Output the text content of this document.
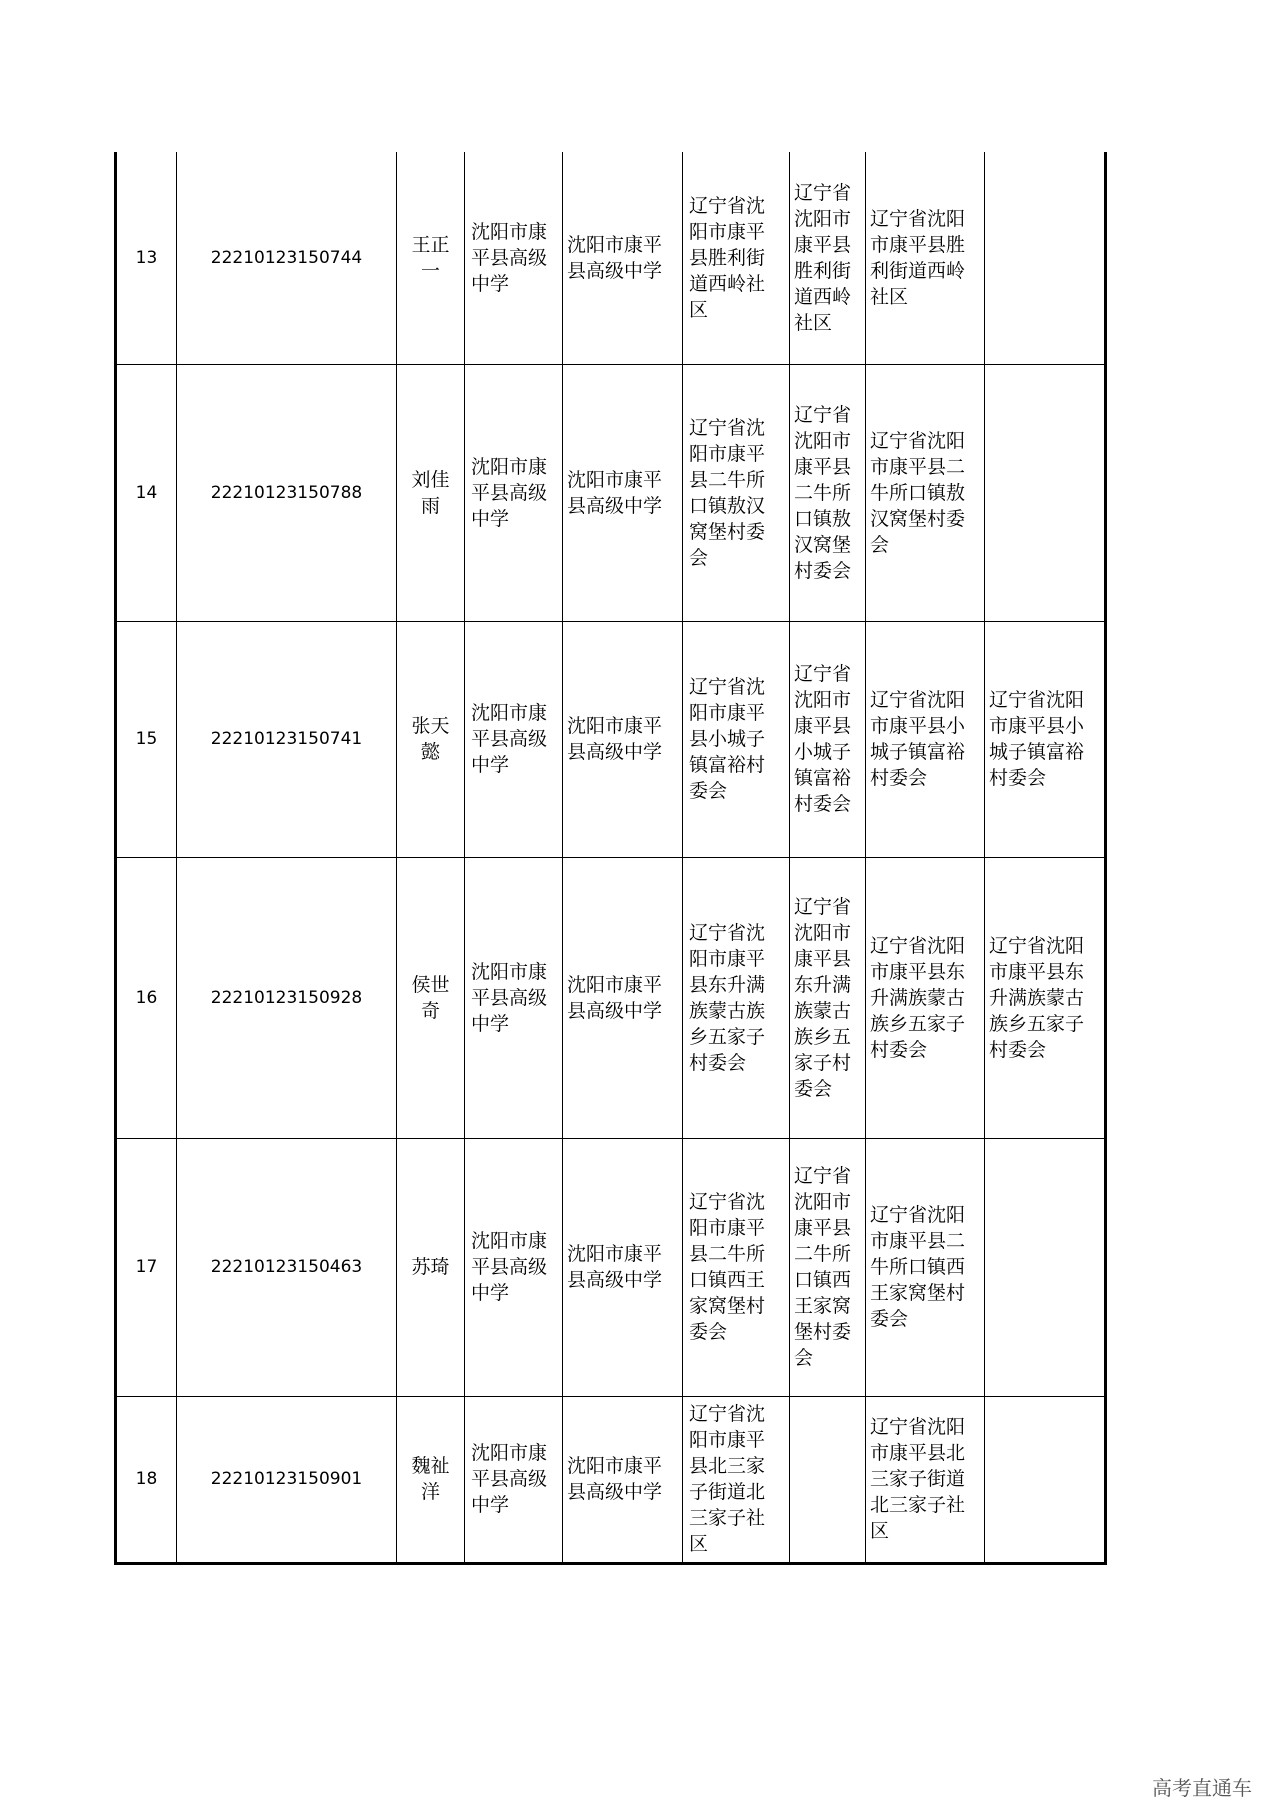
13	22210123150744	王正一	沈阳市康平县高级中学	沈阳市康平县高级中学	辽宁省沈阳市康平县胜利街道西岭社区	辽宁省沈阳市康平县胜利街道西岭社区	辽宁省沈阳市康平县胜利街道西岭社区	
14	22210123150788	刘佳雨	沈阳市康平县高级中学	沈阳市康平县高级中学	辽宁省沈阳市康平县二牛所口镇敖汉窝堡村委会	辽宁省沈阳市康平县二牛所口镇敖汉窝堡村委会	辽宁省沈阳市康平县二牛所口镇敖汉窝堡村委会	
15	22210123150741	张天懿	沈阳市康平县高级中学	沈阳市康平县高级中学	辽宁省沈阳市康平县小城子镇富裕村委会	辽宁省沈阳市康平县小城子镇富裕村委会	辽宁省沈阳市康平县小城子镇富裕村委会	辽宁省沈阳市康平县小城子镇富裕村委会
16	22210123150928	侯世奇	沈阳市康平县高级中学	沈阳市康平县高级中学	辽宁省沈阳市康平县东升满族蒙古族乡五家子村委会	辽宁省沈阳市康平县东升满族蒙古族乡五家子村委会	辽宁省沈阳市康平县东升满族蒙古族乡五家子村委会	辽宁省沈阳市康平县东升满族蒙古族乡五家子村委会
17	22210123150463	苏琦	沈阳市康平县高级中学	沈阳市康平县高级中学	辽宁省沈阳市康平县二牛所口镇西王家窝堡村委会	辽宁省沈阳市康平县二牛所口镇西王家窝堡村委会	辽宁省沈阳市康平县二牛所口镇西王家窝堡村委会	
18	22210123150901	魏祉洋	沈阳市康平县高级中学	沈阳市康平县高级中学	辽宁省沈阳市康平县北三家子街道北三家子社区		辽宁省沈阳市康平县北三家子街道北三家子社区	
高考直通车
